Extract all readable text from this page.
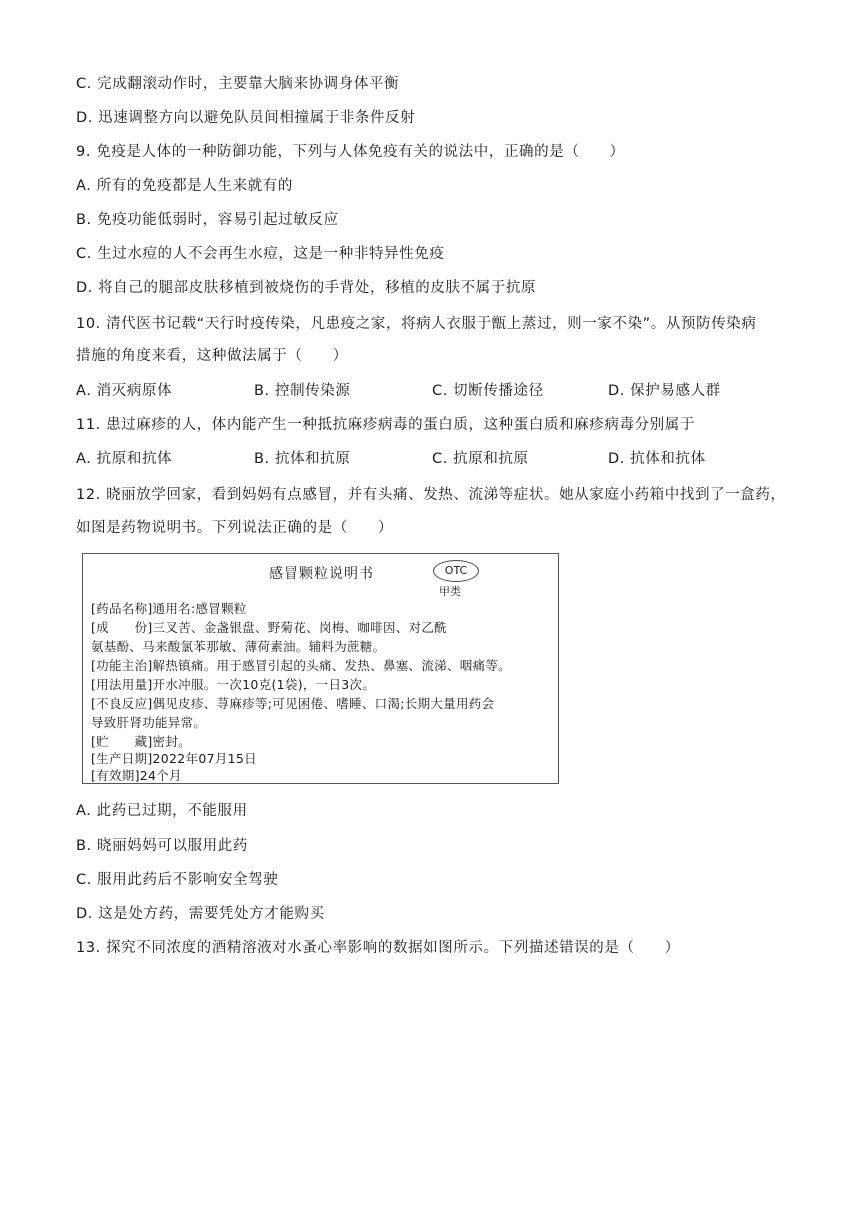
C. 完成翻滚动作时，主要靠大脑来协调身体平衡
D. 迅速调整方向以避免队员间相撞属于非条件反射
9. 免疫是人体的一种防御功能，下列与人体免疫有关的说法中，正确的是（　　）
A. 所有的免疫都是人生来就有的
B. 免疫功能低弱时，容易引起过敏反应
C. 生过水痘的人不会再生水痘，这是一种非特异性免疫
D. 将自己的腿部皮肤移植到被烧伤的手背处，移植的皮肤不属于抗原
10. 清代医书记载“天行时疫传染，凡患疫之家，将病人衣服于甑上蒸过，则一家不染”。从预防传染病
措施的角度来看，这种做法属于（　　）
A. 消灭病原体	B. 控制传染源	C. 切断传播途径	D. 保护易感人群
11. 患过麻疹的人，体内能产生一种抵抗麻疹病毒的蛋白质，这种蛋白质和麻疹病毒分别属于
A. 抗原和抗体	B. 抗体和抗原	C. 抗原和抗原	D. 抗体和抗体
12. 晓丽放学回家，看到妈妈有点感冒，并有头痛、发热、流涕等症状。她从家庭小药箱中找到了一盒药，
如图是药物说明书。下列说法正确的是（　　）
感冒颗粒说明书	OTC
甲类
[药品名称]通用名:感冒颗粒
[成　　份]三叉苦、金盏银盘、野菊花、岗梅、咖啡因、对乙酰
氨基酚、马来酸氯苯那敏、薄荷素油。辅料为蔗糖。
[功能主治]解热镇痛。用于感冒引起的头痛、发热、鼻塞、流涕、咽痛等。
[用法用量]开水冲服。一次10克(1袋)，一日3次。
[不良反应]偶见皮疹、荨麻疹等;可见困倦、嗜睡、口渴;长期大量用药会
导致肝肾功能异常。
[贮　　藏]密封。
[生产日期]2022年07月15日
[有效期]24个月
A. 此药已过期，不能服用
B. 晓丽妈妈可以服用此药
C. 服用此药后不影响安全驾驶
D. 这是处方药，需要凭处方才能购买
13. 探究不同浓度的酒精溶液对水蚤心率影响的数据如图所示。下列描述错误的是（　　）
